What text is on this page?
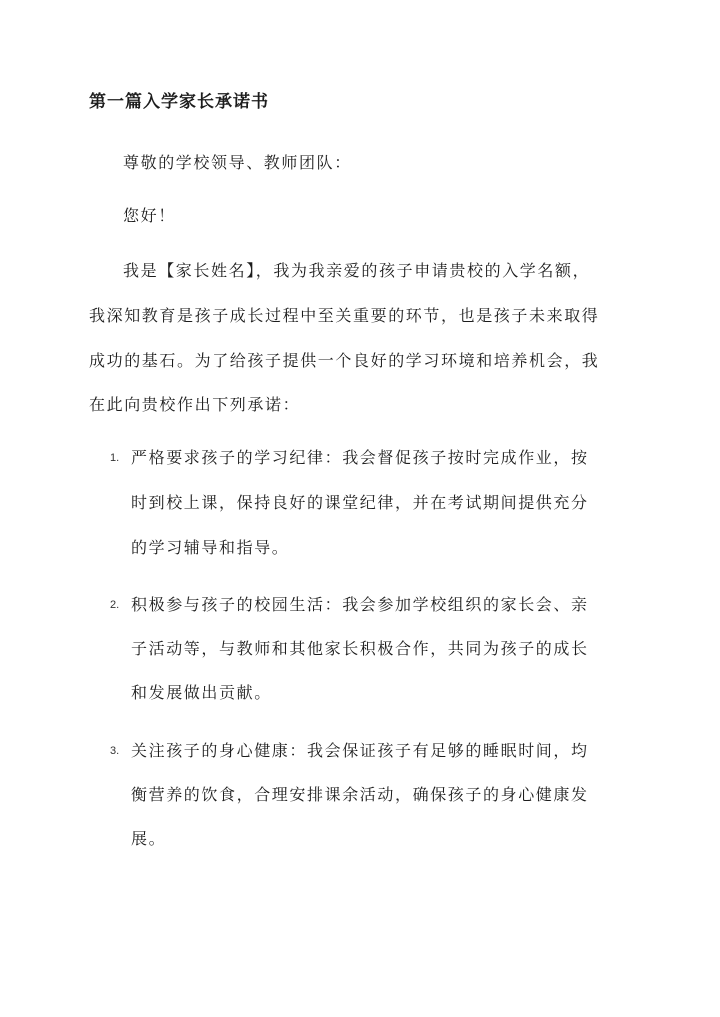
第一篇入学家长承诺书
尊敬的学校领导、教师团队：
您好！
我是【家长姓名】，我为我亲爱的孩子申请贵校的入学名额，
我深知教育是孩子成长过程中至关重要的环节，也是孩子未来取得
成功的基石。为了给孩子提供一个良好的学习环境和培养机会，我
在此向贵校作出下列承诺：
1. 严格要求孩子的学习纪律：我会督促孩子按时完成作业，按
时到校上课，保持良好的课堂纪律，并在考试期间提供充分
的学习辅导和指导。
2. 积极参与孩子的校园生活：我会参加学校组织的家长会、亲
子活动等，与教师和其他家长积极合作，共同为孩子的成长
和发展做出贡献。
3. 关注孩子的身心健康：我会保证孩子有足够的睡眠时间，均
衡营养的饮食，合理安排课余活动，确保孩子的身心健康发
展。
